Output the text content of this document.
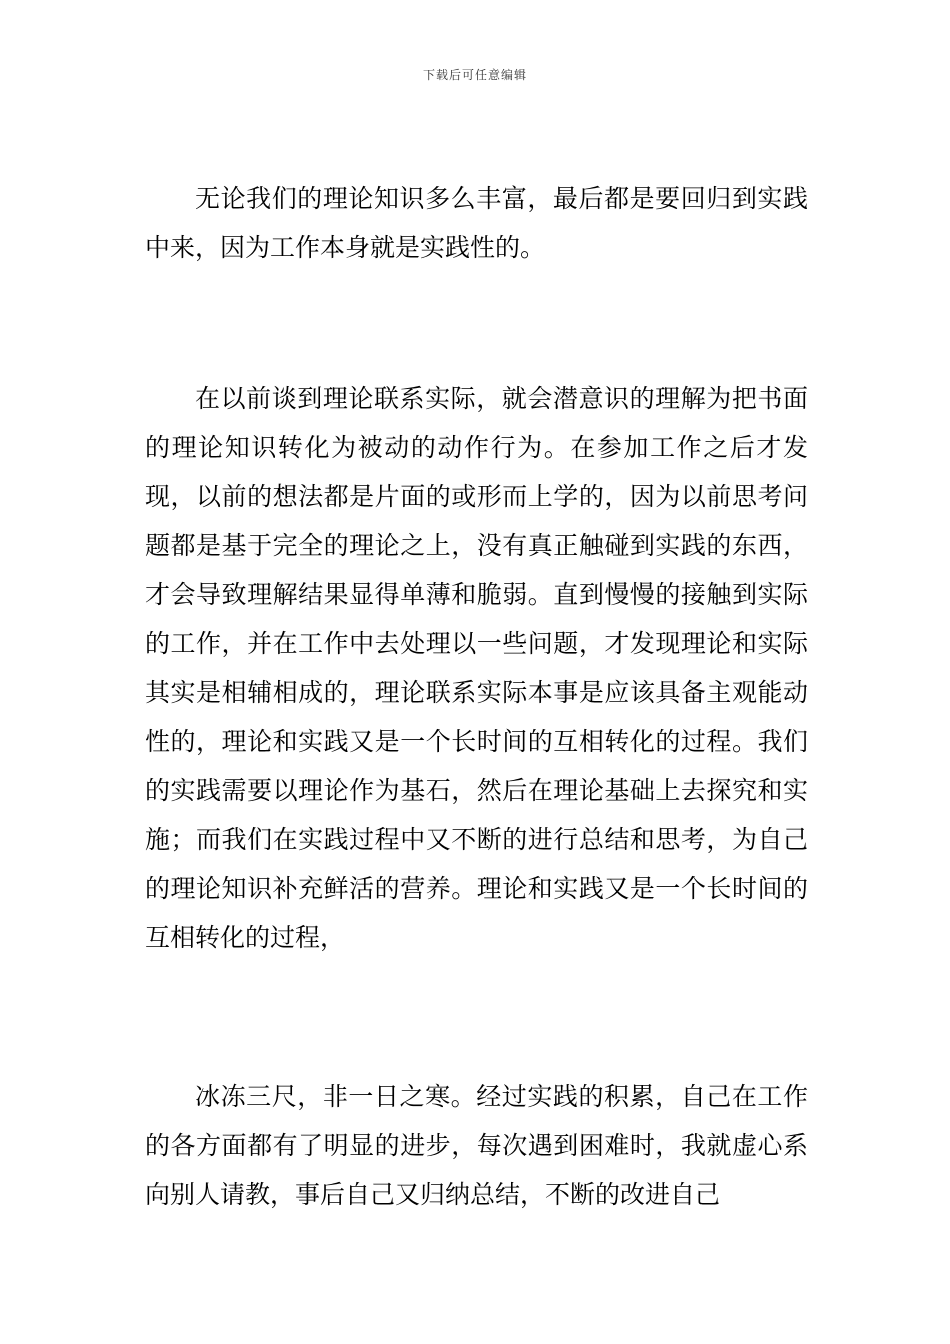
下载后可任意编辑

无论我们的理论知识多么丰富，最后都是要回归到实践中来，因为工作本身就是实践性的。

在以前谈到理论联系实际，就会潜意识的理解为把书面的理论知识转化为被动的动作行为。在参加工作之后才发现，以前的想法都是片面的或形而上学的，因为以前思考问题都是基于完全的理论之上，没有真正触碰到实践的东西，才会导致理解结果显得单薄和脆弱。直到慢慢的接触到实际的工作，并在工作中去处理以一些问题，才发现理论和实际其实是相辅相成的，理论联系实际本事是应该具备主观能动性的，理论和实践又是一个长时间的互相转化的过程。我们的实践需要以理论作为基石，然后在理论基础上去探究和实施；而我们在实践过程中又不断的进行总结和思考，为自己的理论知识补充鲜活的营养。理论和实践又是一个长时间的互相转化的过程，

冰冻三尺，非一日之寒。经过实践的积累，自己在工作的各方面都有了明显的进步，每次遇到困难时，我就虚心系向别人请教，事后自己又归纳总结，不断的改进自己
